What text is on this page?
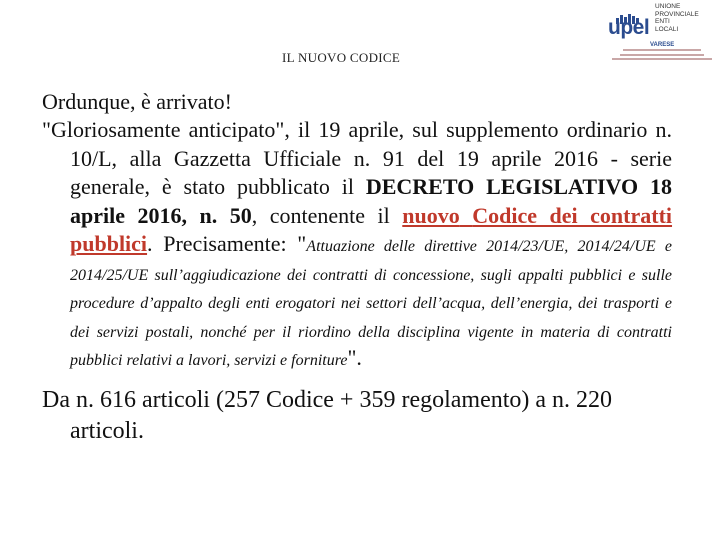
IL NUOVO CODICE
upel
UNIONE
PROVINCIALE
ENTI
LOCALI
VARESE

Ordunque, è arrivato!

"Gloriosamente anticipato", il 19 aprile, sul supplemento ordinario n. 10/L, alla Gazzetta Ufficiale n. 91 del 19 aprile 2016 - serie generale, è stato pubblicato il DECRETO LEGISLATIVO 18 aprile 2016, n. 50, contenente il nuovo Codice dei contratti pubblici. Precisamente: "Attuazione delle direttive 2014/23/UE, 2014/24/UE e 2014/25/UE sull’aggiudicazione dei contratti di concessione, sugli appalti pubblici e sulle procedure d’appalto degli enti erogatori nei settori dell’acqua, dell’energia, dei trasporti e dei servizi postali, nonché per il riordino della disciplina vigente in materia di contratti pubblici relativi a lavori, servizi e forniture".

Da n. 616 articoli (257 Codice + 359 regolamento) a n. 220 articoli.
